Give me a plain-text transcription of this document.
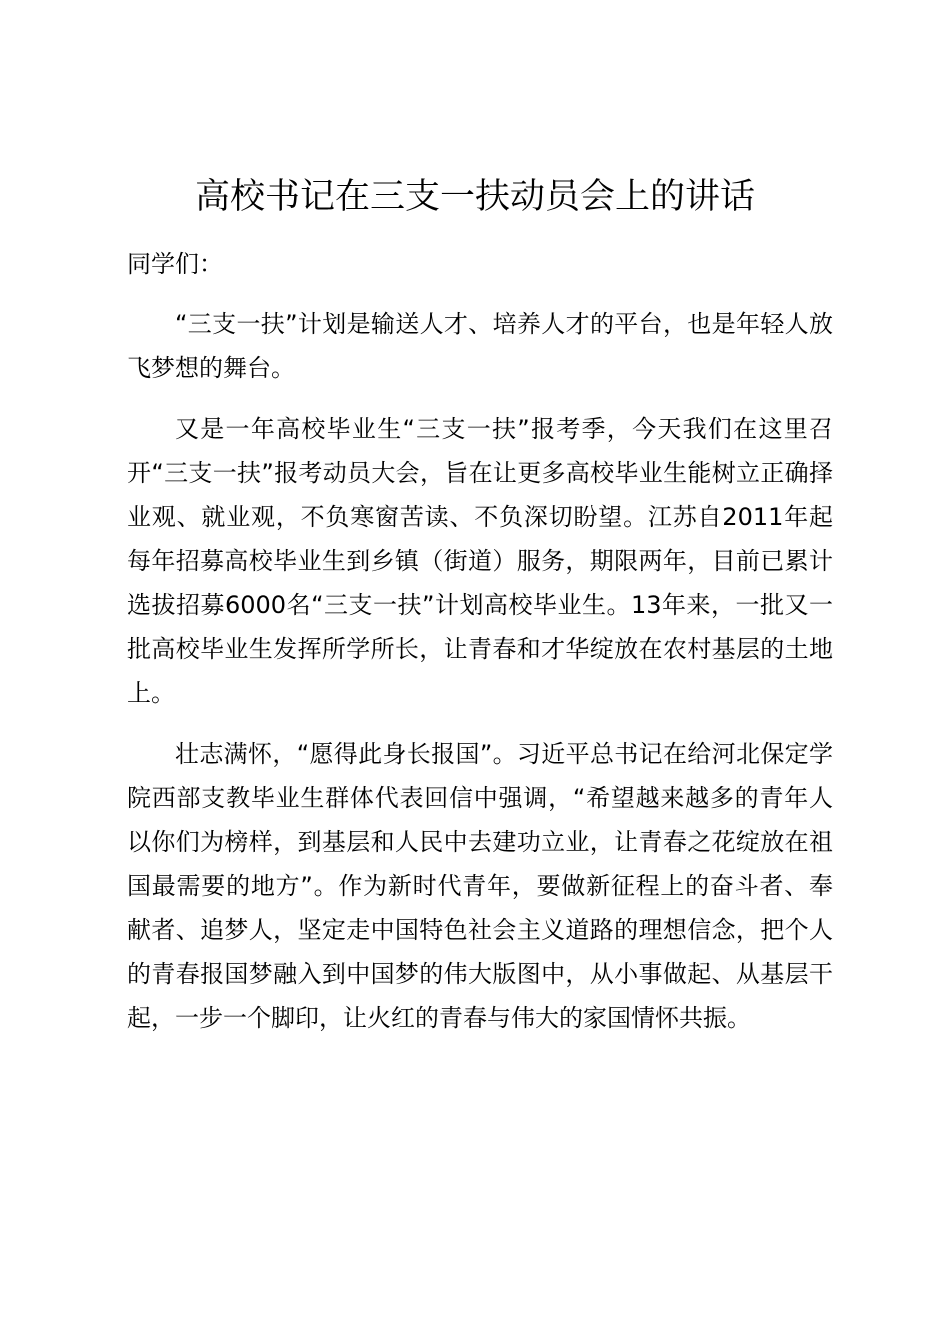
高校书记在三支一扶动员会上的讲话

同学们：

“三支一扶”计划是输送人才、培养人才的平台，也是年轻人放飞梦想的舞台。

又是一年高校毕业生“三支一扶”报考季，今天我们在这里召开“三支一扶”报考动员大会，旨在让更多高校毕业生能树立正确择业观、就业观，不负寒窗苦读、不负深切盼望。江苏自2011年起每年招募高校毕业生到乡镇（街道）服务，期限两年，目前已累计选拔招募6000名“三支一扶”计划高校毕业生。13年来，一批又一批高校毕业生发挥所学所长，让青春和才华绽放在农村基层的土地上。

壮志满怀，“愿得此身长报国”。习近平总书记在给河北保定学院西部支教毕业生群体代表回信中强调，“希望越来越多的青年人以你们为榜样，到基层和人民中去建功立业，让青春之花绽放在祖国最需要的地方”。作为新时代青年，要做新征程上的奋斗者、奉献者、追梦人，坚定走中国特色社会主义道路的理想信念，把个人的青春报国梦融入到中国梦的伟大版图中，从小事做起、从基层干起，一步一个脚印，让火红的青春与伟大的家国情怀共振。
